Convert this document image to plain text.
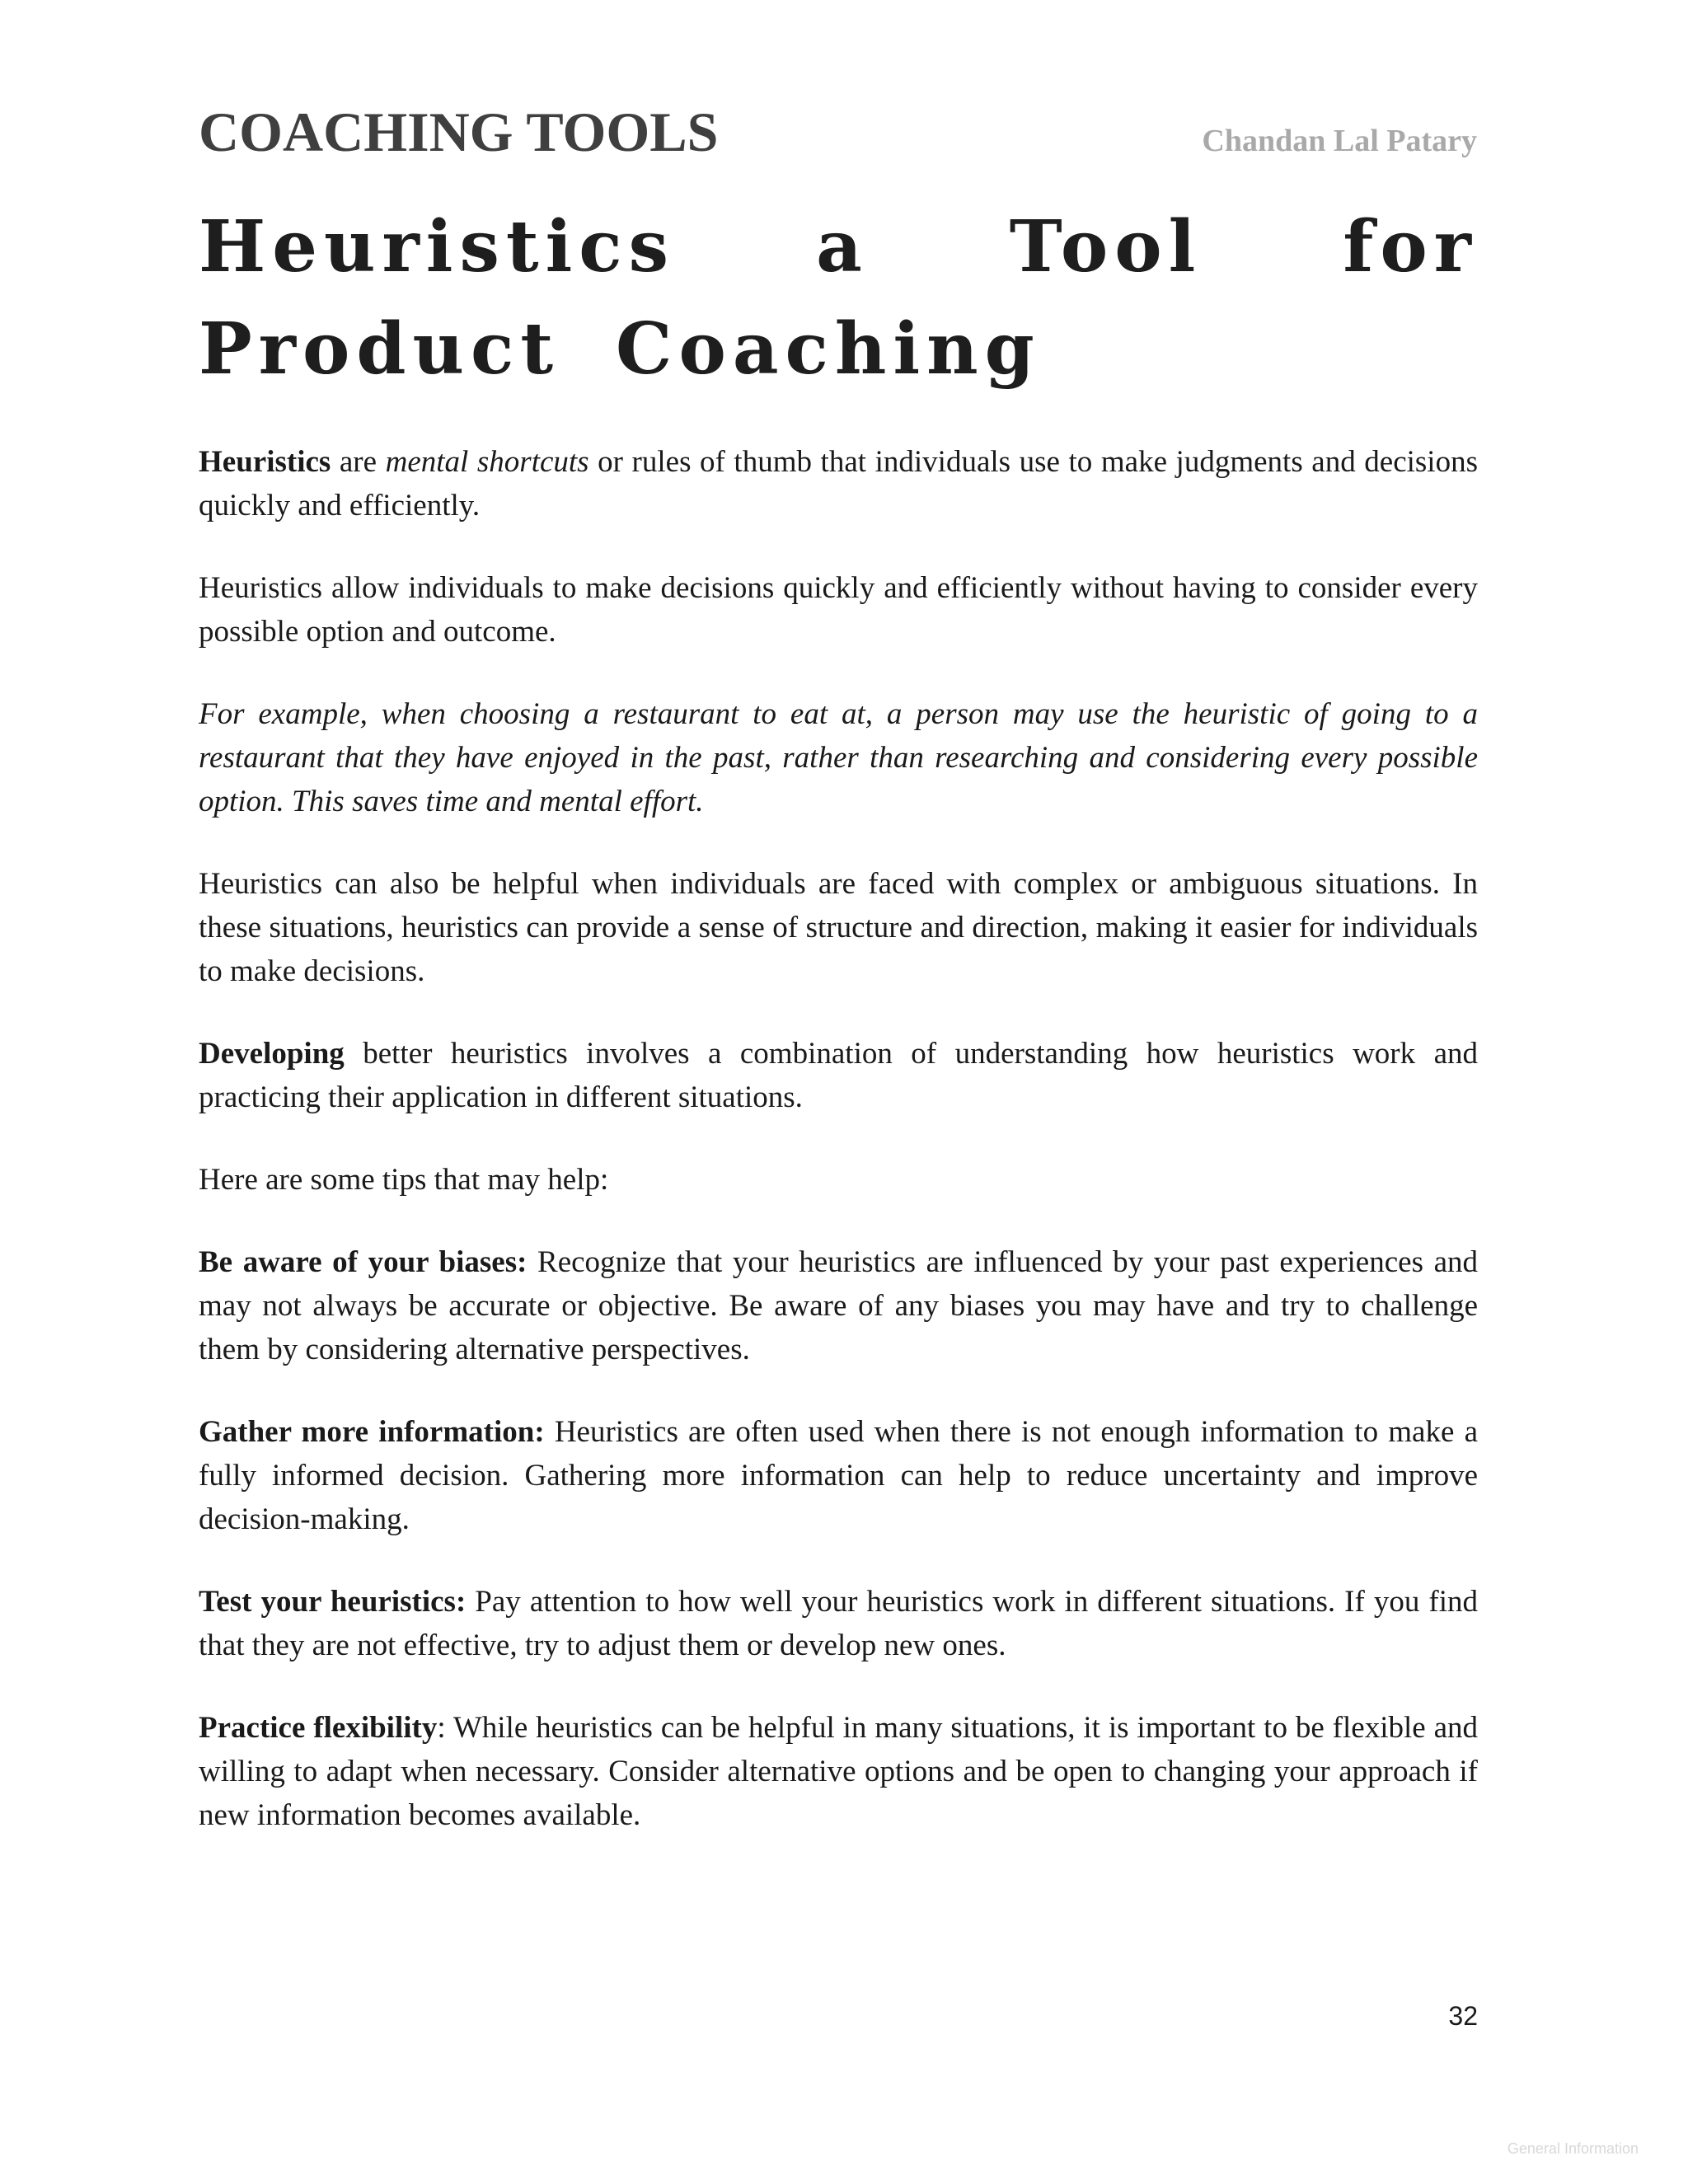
COACHING TOOLS	Chandan Lal Patary
Heuristics a Tool for Product Coaching

Heuristics are mental shortcuts or rules of thumb that individuals use to make judgments and decisions quickly and efficiently.

Heuristics allow individuals to make decisions quickly and efficiently without having to consider every possible option and outcome.

For example, when choosing a restaurant to eat at, a person may use the heuristic of going to a restaurant that they have enjoyed in the past, rather than researching and considering every possible option. This saves time and mental effort.

Heuristics can also be helpful when individuals are faced with complex or ambiguous situations. In these situations, heuristics can provide a sense of structure and direction, making it easier for individuals to make decisions.

Developing better heuristics involves a combination of understanding how heuristics work and practicing their application in different situations.

Here are some tips that may help:

Be aware of your biases: Recognize that your heuristics are influenced by your past experiences and may not always be accurate or objective. Be aware of any biases you may have and try to challenge them by considering alternative perspectives.

Gather more information: Heuristics are often used when there is not enough information to make a fully informed decision. Gathering more information can help to reduce uncertainty and improve decision-making.

Test your heuristics: Pay attention to how well your heuristics work in different situations. If you find that they are not effective, try to adjust them or develop new ones.

Practice flexibility: While heuristics can be helpful in many situations, it is important to be flexible and willing to adapt when necessary. Consider alternative options and be open to changing your approach if new information becomes available.

32
General Information
